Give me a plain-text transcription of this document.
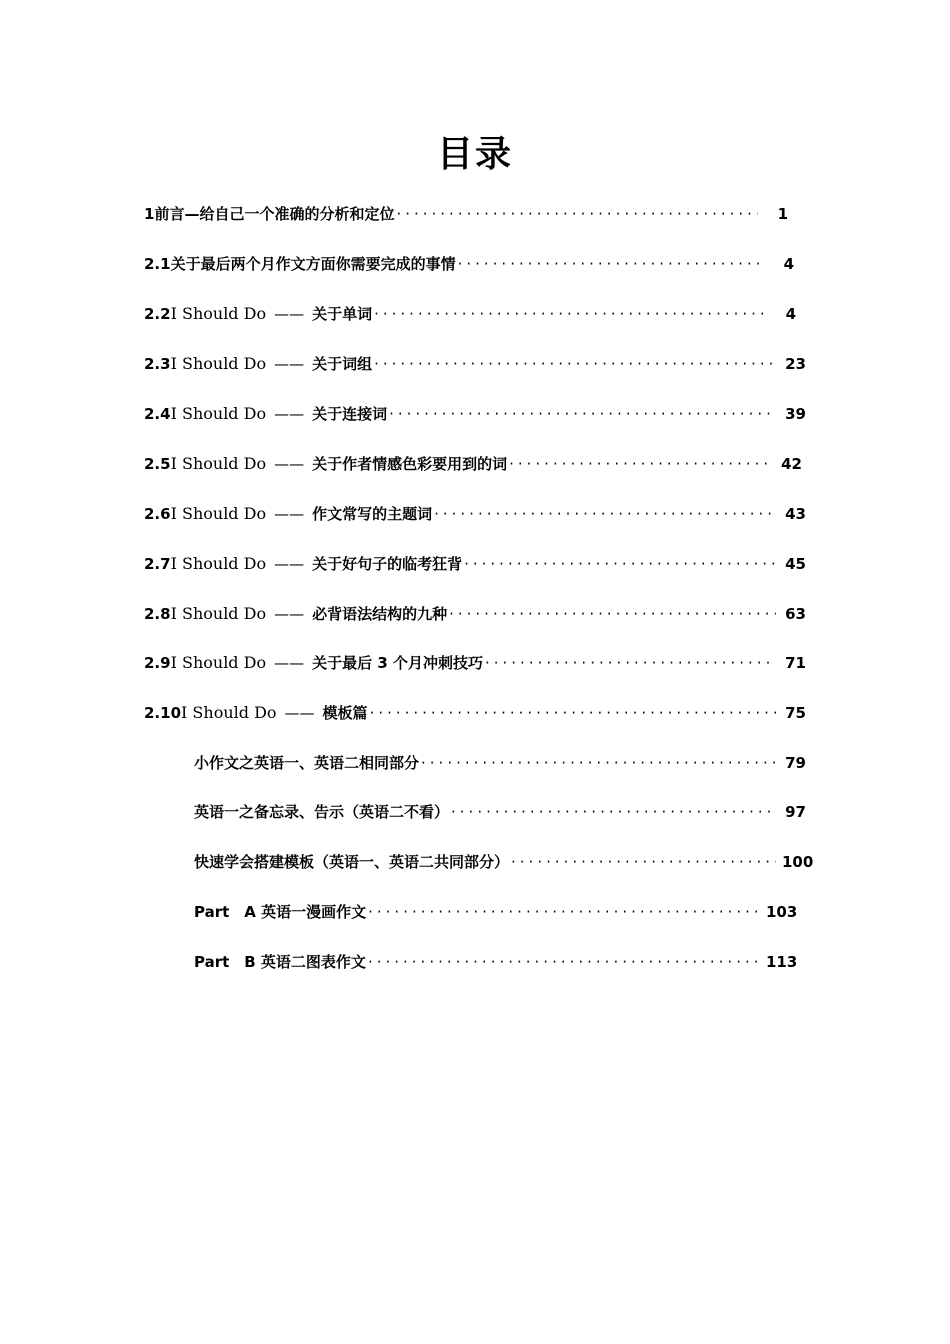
目录
1 前言—给自己一个准确的分析和定位 ·····	1
2.1 关于最后两个月作文方面你需要完成的事情 ·····	4
2.2 I Should Do —— 关于单词 ·····	4
2.3 I Should Do —— 关于词组 ·····	23
2.4 I Should Do —— 关于连接词 ·····	39
2.5 I Should Do —— 关于作者情感色彩要用到的词 ·····	42
2.6 I Should Do —— 作文常写的主题词 ·····	43
2.7 I Should Do —— 关于好句子的临考狂背 ·····	45
2.8 I Should Do —— 必背语法结构的九种 ·····	63
2.9 I Should Do —— 关于最后 3 个月冲刺技巧 ·····	71
2.10 I Should Do —— 模板篇 ·····	75
小作文之英语一、英语二相同部分 ·····	79
英语一之备忘录、告示（英语二不看） ·····	97
快速学会搭建模板（英语一、英语二共同部分） ·····	100
Part　A 英语一漫画作文 ·····	103
Part　B 英语二图表作文 ·····	113
